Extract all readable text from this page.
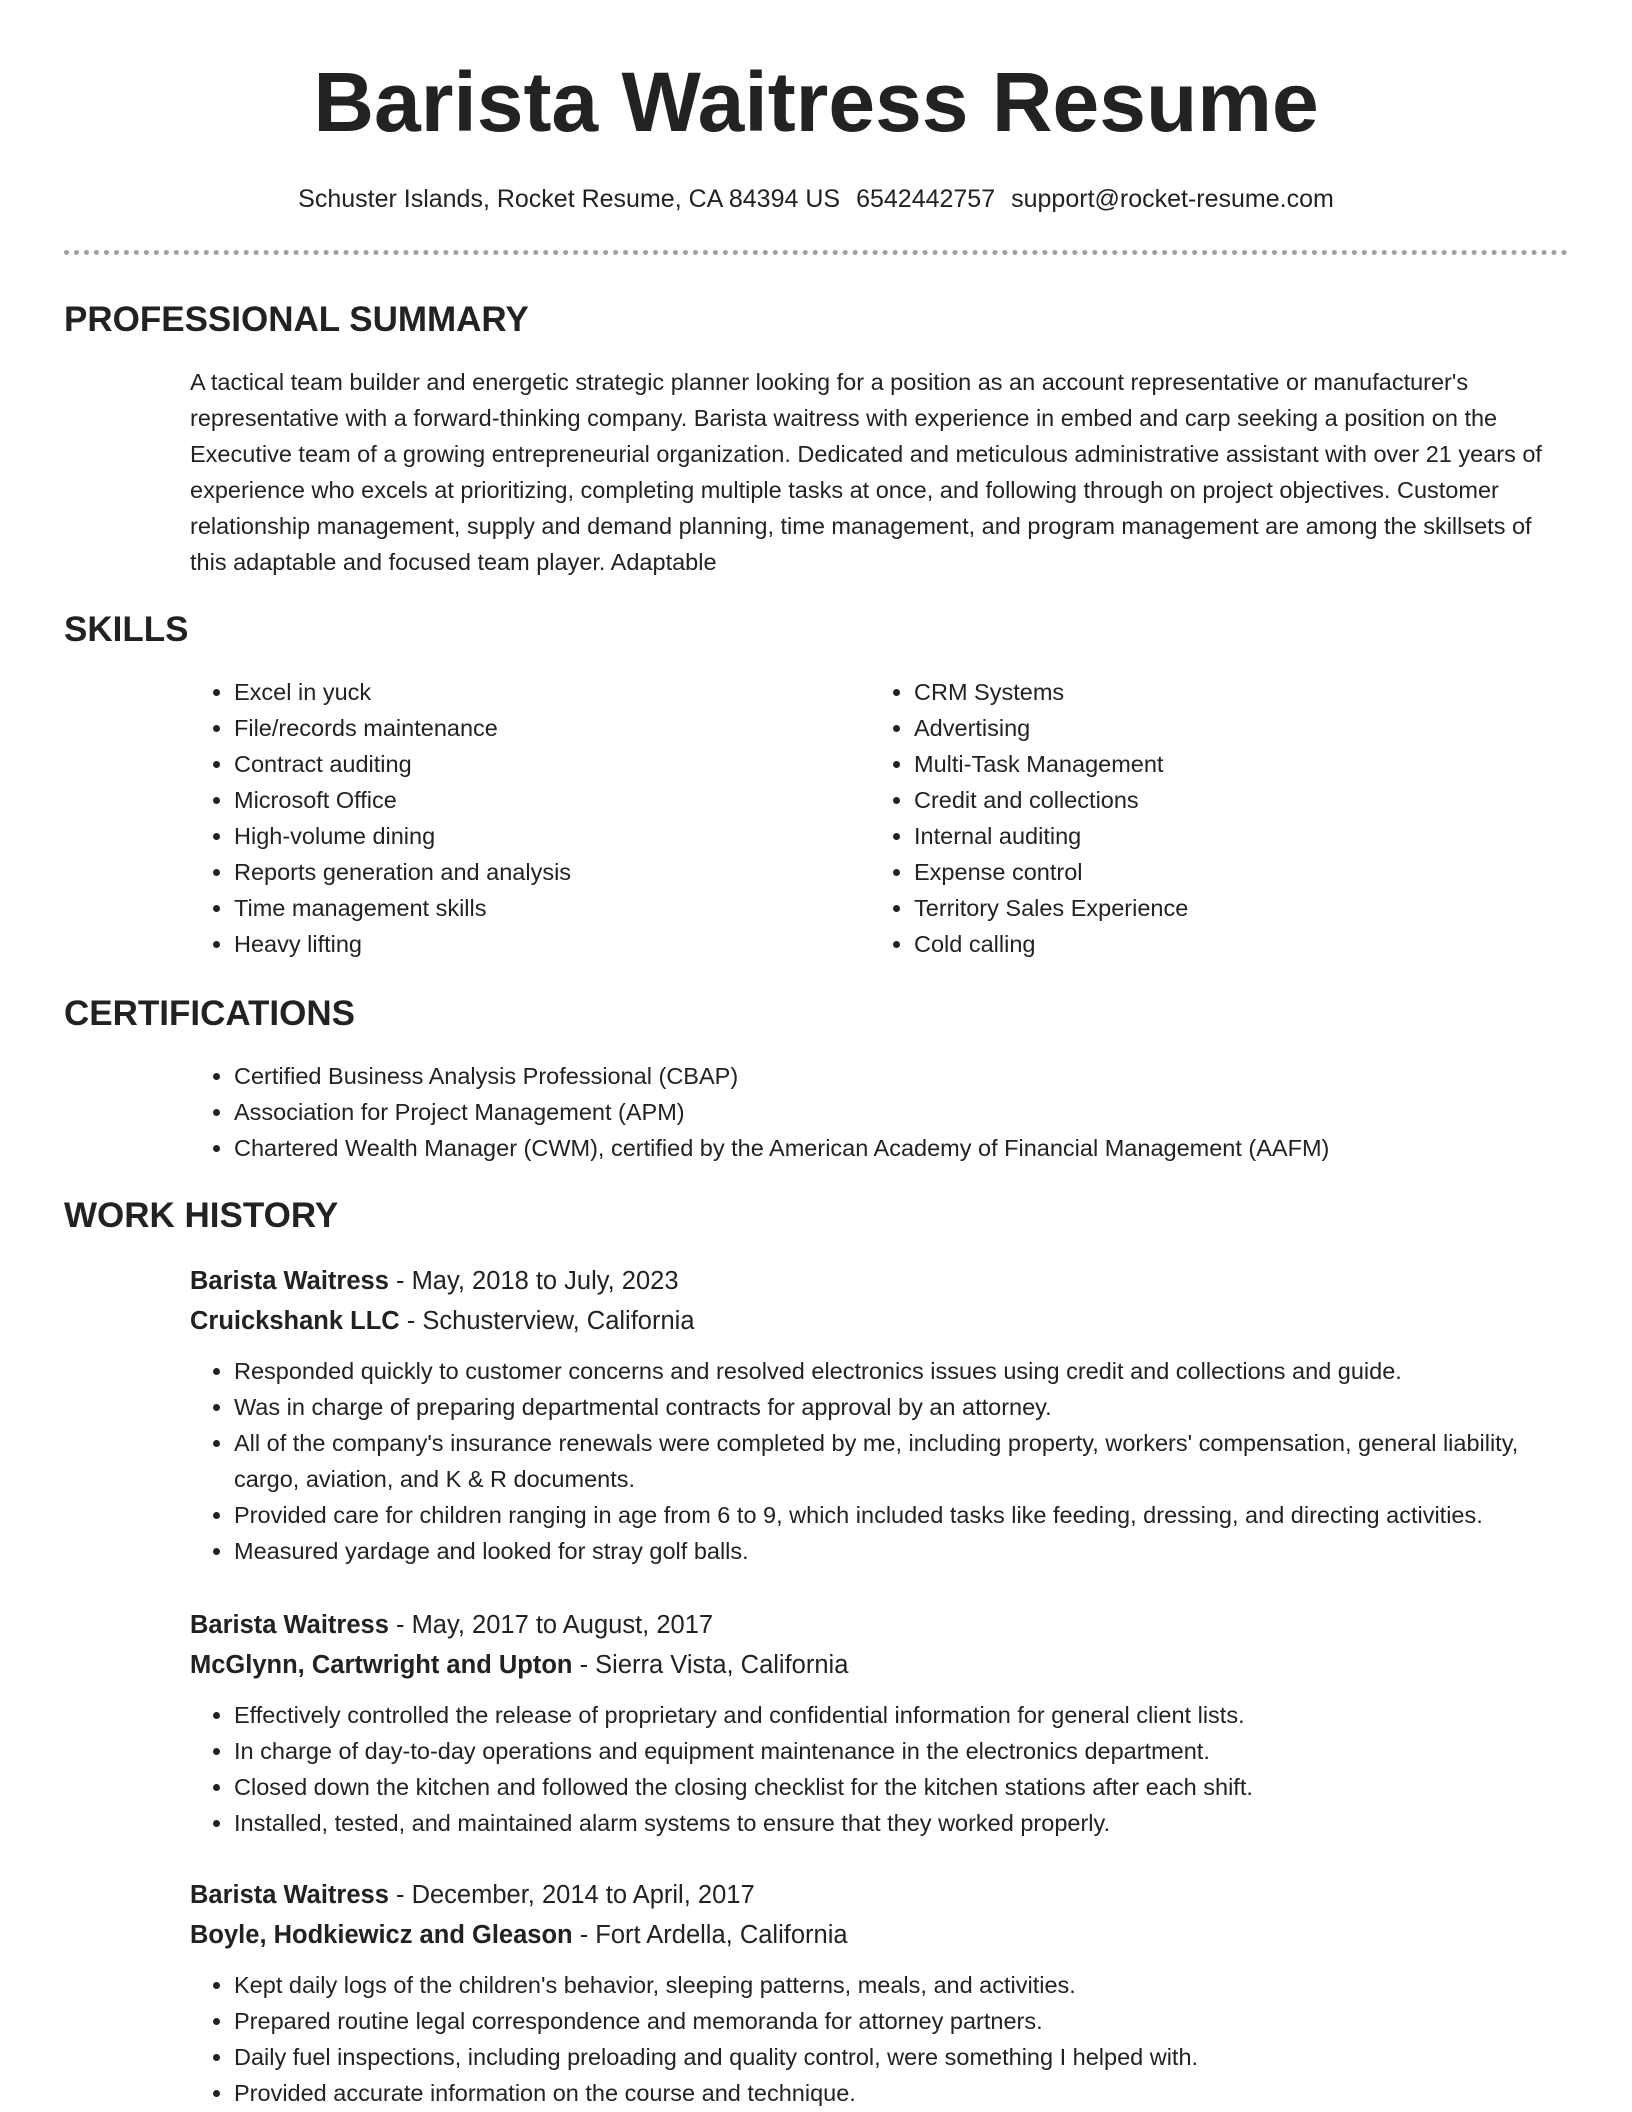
Barista Waitress Resume
Schuster Islands, Rocket Resume, CA 84394 US 6542442757 support@rocket-resume.com
PROFESSIONAL SUMMARY
A tactical team builder and energetic strategic planner looking for a position as an account representative or manufacturer's representative with a forward-thinking company. Barista waitress with experience in embed and carp seeking a position on the Executive team of a growing entrepreneurial organization. Dedicated and meticulous administrative assistant with over 21 years of experience who excels at prioritizing, completing multiple tasks at once, and following through on project objectives. Customer relationship management, supply and demand planning, time management, and program management are among the skillsets of this adaptable and focused team player. Adaptable
SKILLS
• Excel in yuck
• File/records maintenance
• Contract auditing
• Microsoft Office
• High-volume dining
• Reports generation and analysis
• Time management skills
• Heavy lifting
• CRM Systems
• Advertising
• Multi-Task Management
• Credit and collections
• Internal auditing
• Expense control
• Territory Sales Experience
• Cold calling
CERTIFICATIONS
• Certified Business Analysis Professional (CBAP)
• Association for Project Management (APM)
• Chartered Wealth Manager (CWM), certified by the American Academy of Financial Management (AAFM)
WORK HISTORY
Barista Waitress - May, 2018 to July, 2023
Cruickshank LLC - Schusterview, California
• Responded quickly to customer concerns and resolved electronics issues using credit and collections and guide.
• Was in charge of preparing departmental contracts for approval by an attorney.
• All of the company's insurance renewals were completed by me, including property, workers' compensation, general liability, cargo, aviation, and K & R documents.
• Provided care for children ranging in age from 6 to 9, which included tasks like feeding, dressing, and directing activities.
• Measured yardage and looked for stray golf balls.
Barista Waitress - May, 2017 to August, 2017
McGlynn, Cartwright and Upton - Sierra Vista, California
• Effectively controlled the release of proprietary and confidential information for general client lists.
• In charge of day-to-day operations and equipment maintenance in the electronics department.
• Closed down the kitchen and followed the closing checklist for the kitchen stations after each shift.
• Installed, tested, and maintained alarm systems to ensure that they worked properly.
Barista Waitress - December, 2014 to April, 2017
Boyle, Hodkiewicz and Gleason - Fort Ardella, California
• Kept daily logs of the children's behavior, sleeping patterns, meals, and activities.
• Prepared routine legal correspondence and memoranda for attorney partners.
• Daily fuel inspections, including preloading and quality control, were something I helped with.
• Provided accurate information on the course and technique.
